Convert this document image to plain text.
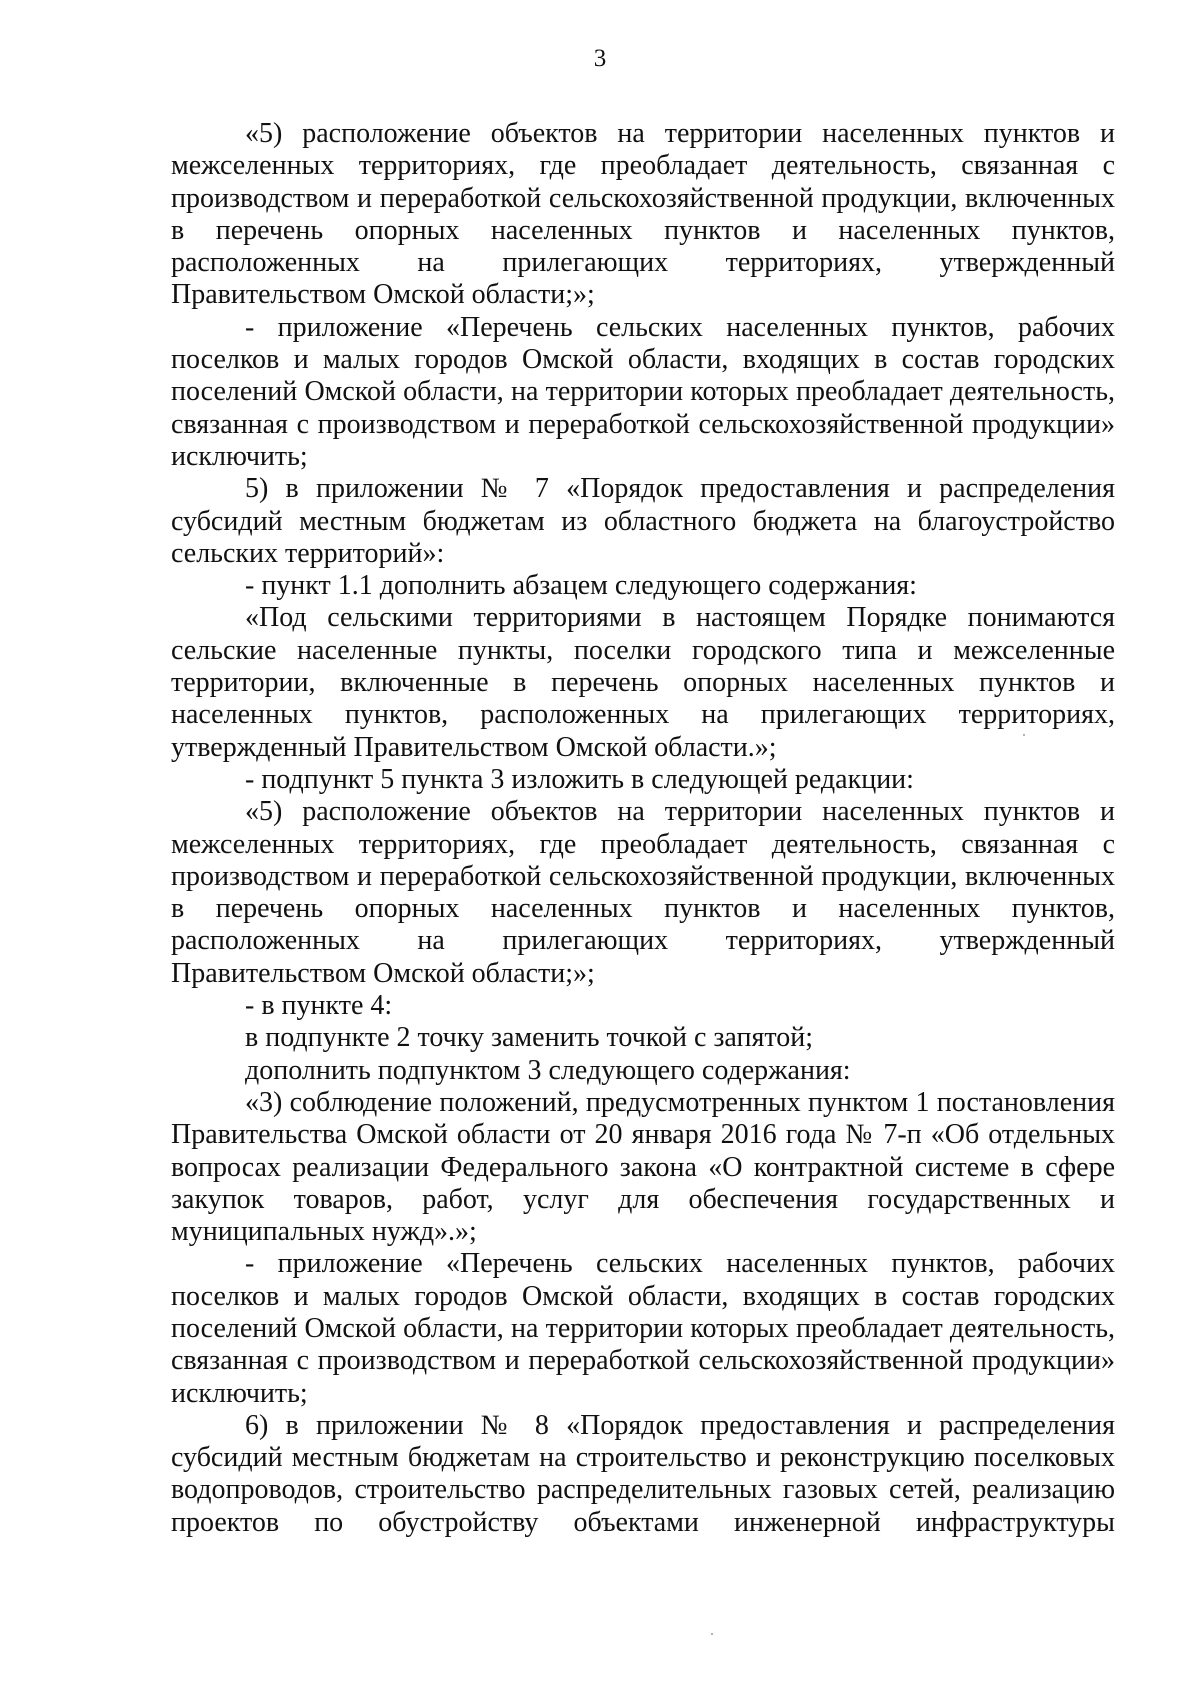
3

«5) расположение объектов на территории населенных пунктов и межселенных территориях, где преобладает деятельность, связанная с производством и переработкой сельскохозяйственной продукции, включенных в перечень опорных населенных пунктов и населенных пунктов, расположенных на прилегающих территориях, утвержденный Правительством Омской области;»;

- приложение «Перечень сельских населенных пунктов, рабочих поселков и малых городов Омской области, входящих в состав городских поселений Омской области, на территории которых преобладает деятельность, связанная с производством и переработкой сельскохозяйственной продукции» исключить;

5) в приложении № 7 «Порядок предоставления и распределения субсидий местным бюджетам из областного бюджета на благоустройство сельских территорий»:

- пункт 1.1 дополнить абзацем следующего содержания:

«Под сельскими территориями в настоящем Порядке понимаются сельские населенные пункты, поселки городского типа и межселенные территории, включенные в перечень опорных населенных пунктов и населенных пунктов, расположенных на прилегающих территориях, утвержденный Правительством Омской области.»;

- подпункт 5 пункта 3 изложить в следующей редакции:

«5) расположение объектов на территории населенных пунктов и межселенных территориях, где преобладает деятельность, связанная с производством и переработкой сельскохозяйственной продукции, включенных в перечень опорных населенных пунктов и населенных пунктов, расположенных на прилегающих территориях, утвержденный Правительством Омской области;»;

- в пункте 4:

в подпункте 2 точку заменить точкой с запятой;

дополнить подпунктом 3 следующего содержания:

«3) соблюдение положений, предусмотренных пунктом 1 постановления Правительства Омской области от 20 января 2016 года № 7-п «Об отдельных вопросах реализации Федерального закона «О контрактной системе в сфере закупок товаров, работ, услуг для обеспечения государственных и муниципальных нужд».»;

- приложение «Перечень сельских населенных пунктов, рабочих поселков и малых городов Омской области, входящих в состав городских поселений Омской области, на территории которых преобладает деятельность, связанная с производством и переработкой сельскохозяйственной продукции» исключить;

6) в приложении № 8 «Порядок предоставления и распределения субсидий местным бюджетам на строительство и реконструкцию поселковых водопроводов, строительство распределительных газовых сетей, реализацию проектов по обустройству объектами инженерной инфраструктуры
